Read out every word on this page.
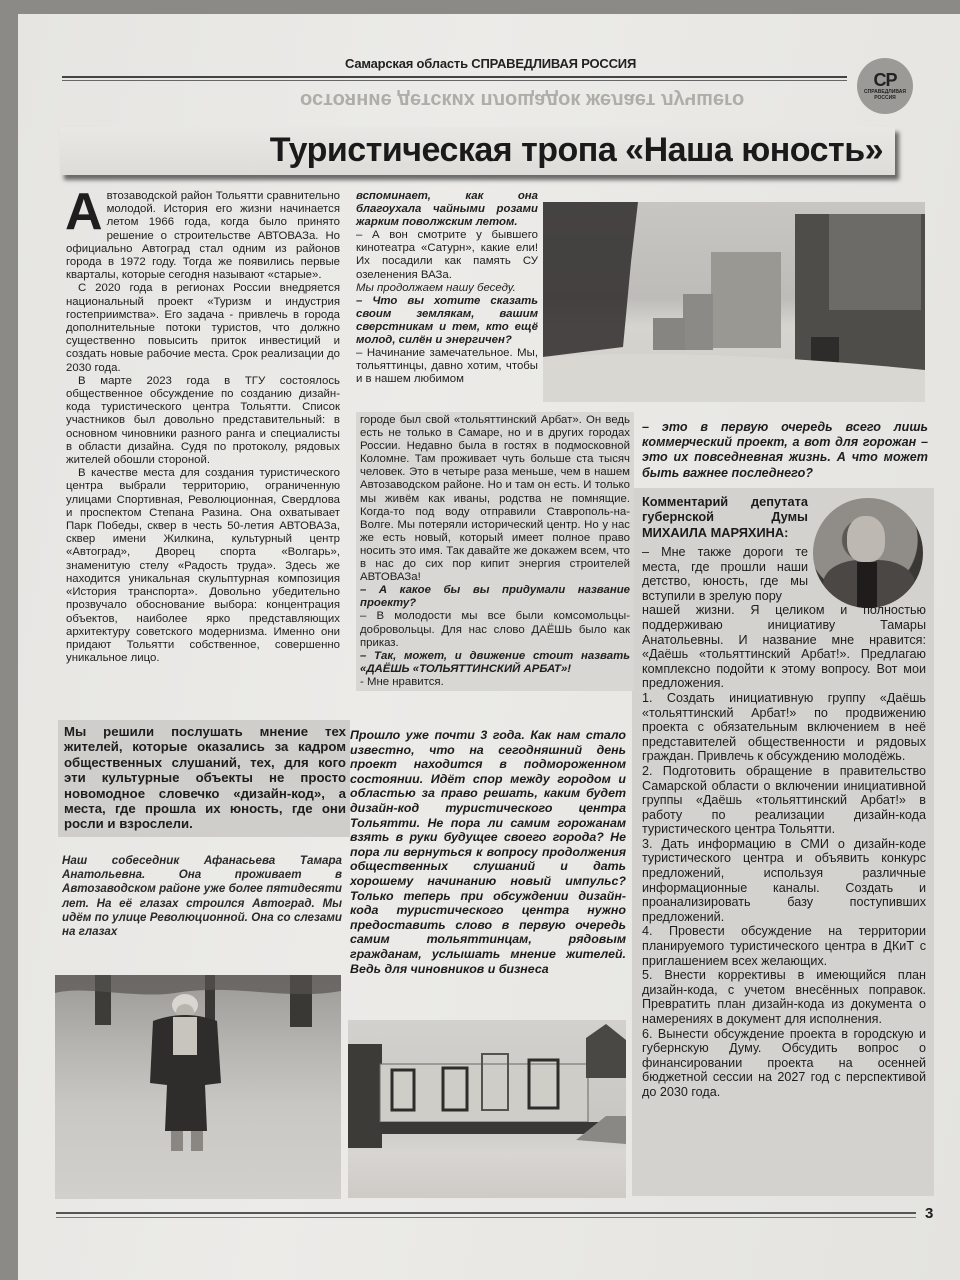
Самарская область СПРАВЕДЛИВАЯ РОССИЯ
СР
СПРАВЕДЛИВАЯ
РОССИЯ
остояние детских площадок желает лучшего
Туристическая тропа «Наша юность»

Автозаводской район Тольятти сравнительно молодой. История его жизни начинается летом 1966 года, когда было принято решение о строительстве АВТОВАЗа. Но официально Автоград стал одним из районов города в 1972 году. Тогда же появились первые кварталы, которые сегодня называют «старые».

С 2020 года в регионах России внедряется национальный проект «Туризм и индустрия гостеприимства». Его задача - привлечь в города дополнительные потоки туристов, что должно существенно повысить приток инвестиций и создать новые рабочие места. Срок реализации до 2030 года.

В марте 2023 года в ТГУ состоялось общественное обсуждение по созданию дизайн-кода туристического центра Тольятти. Список участников был довольно представительный: в основном чиновники разного ранга и специалисты в области дизайна. Судя по протоколу, рядовых жителей обошли стороной.

В качестве места для создания туристического центра выбрали территорию, ограниченную улицами Спортивная, Революционная, Свердлова и проспектом Степана Разина. Она охватывает Парк Победы, сквер в честь 50-летия АВТОВАЗа, сквер имени Жилкина, культурный центр «Автоград», Дворец спорта «Волгарь», знаменитую стелу «Радость труда». Здесь же находится уникальная скульптурная композиция «История транспорта». Довольно убедительно прозвучало обоснование выбора: концентрация объектов, наиболее ярко представляющих архитектуру советского модернизма. Именно они придают Тольятти собственное, совершенно уникальное лицо.

Мы решили послушать мнение тех жителей, которые оказались за кадром общественных слушаний, тех, для кого эти культурные объекты не просто новомодное словечко «дизайн-код», а места, где прошла их юность, где они росли и взрослели.
Наш собеседник Афанасьева Тамара Анатольевна. Она проживает в Автозаводском районе уже более пятидесяти лет. На её глазах строился Автоград. Мы идём по улице Революционной. Она со слезами на глазах

вспоминает, как она благоухала чайными розами жарким поволжским летом.

– А вон смотрите у бывшего кинотеатра «Сатурн», какие ели! Их посадили как память СУ озеленения ВАЗа.

Мы продолжаем нашу беседу.

– Что вы хотите сказать своим землякам, вашим сверстникам и тем, кто ещё молод, силён и энергичен?

– Начинание замечательное. Мы, тольяттинцы, давно хотим, чтобы и в нашем любимом

городе был свой «тольяттинский Арбат». Он ведь есть не только в Самаре, но и в других городах России. Недавно была в гостях в подмосковной Коломне. Там проживает чуть больше ста тысяч человек. Это в четыре раза меньше, чем в нашем Автозаводском районе. Но и там он есть. И только мы живём как иваны, родства не помнящие. Когда-то под воду отправили Ставрополь-на-Волге. Мы потеряли исторический центр. Но у нас же есть новый, который имеет полное право носить это имя. Так давайте же докажем всем, что в нас до сих пор кипит энергия строителей АВТОВАЗа!

– А какое бы вы придумали название проекту?

– В молодости мы все были комсомольцы-добровольцы. Для нас слово ДАЁШЬ было как приказ.

– Так, может, и движение стоит назвать «ДАЁШЬ «ТОЛЬЯТТИНСКИЙ АРБАТ»!

- Мне нравится.

Прошло уже почти 3 года. Как нам стало известно, что на сегодняшний день проект находится в подмороженном состоянии. Идёт спор между городом и областью за право решать, каким будет дизайн-код туристического центра Тольятти. Не пора ли самим горожанам взять в руки будущее своего города? Не пора ли вернуться к вопросу продолжения общественных слушаний и дать хорошему начинанию новый импульс? Только теперь при обсуждении дизайн-кода туристического центра нужно предоставить слово в первую очередь самим тольяттинцам, рядовым гражданам, услышать мнение жителей. Ведь для чиновников и бизнеса
– это в первую очередь всего лишь коммерческий проект, а вот для горожан – это их повседневная жизнь. А что может быть важнее последнего?
Комментарий депутата губернской Думы МИХАИЛА МАРЯХИНА:

– Мне также дороги те места, где прошли наши детство, юность, где мы вступили в зрелую пору

нашей жизни. Я целиком и полностью поддерживаю инициативу Тамары Анатольевны. И название мне нравится: «Даёшь «тольяттинский Арбат!». Предлагаю комплексно подойти к этому вопросу. Вот мои предложения.

1. Создать инициативную группу «Даёшь «тольяттинский Арбат!» по продвижению проекта с обязательным включением в неё представителей общественности и рядовых граждан. Привлечь к обсуждению молодёжь.

2. Подготовить обращение в правительство Самарской области о включении инициативной группы «Даёшь «тольяттинский Арбат!» в работу по реализации дизайн-кода туристического центра Тольятти.

3. Дать информацию в СМИ о дизайн-коде туристического центра и объявить конкурс предложений, используя различные информационные каналы. Создать и проанализировать базу поступивших предложений.

4. Провести обсуждение на территории планируемого туристического центра в ДКиТ с приглашением всех желающих.

5. Внести коррективы в имеющийся план дизайн-кода, с учетом внесённых поправок. Превратить план дизайн-кода из документа о намерениях в документ для исполнения.

6. Вынести обсуждение проекта в городскую и губернскую Думу. Обсудить вопрос о финансировании проекта на осенней бюджетной сессии на 2027 год с перспективой до 2030 года.

3
